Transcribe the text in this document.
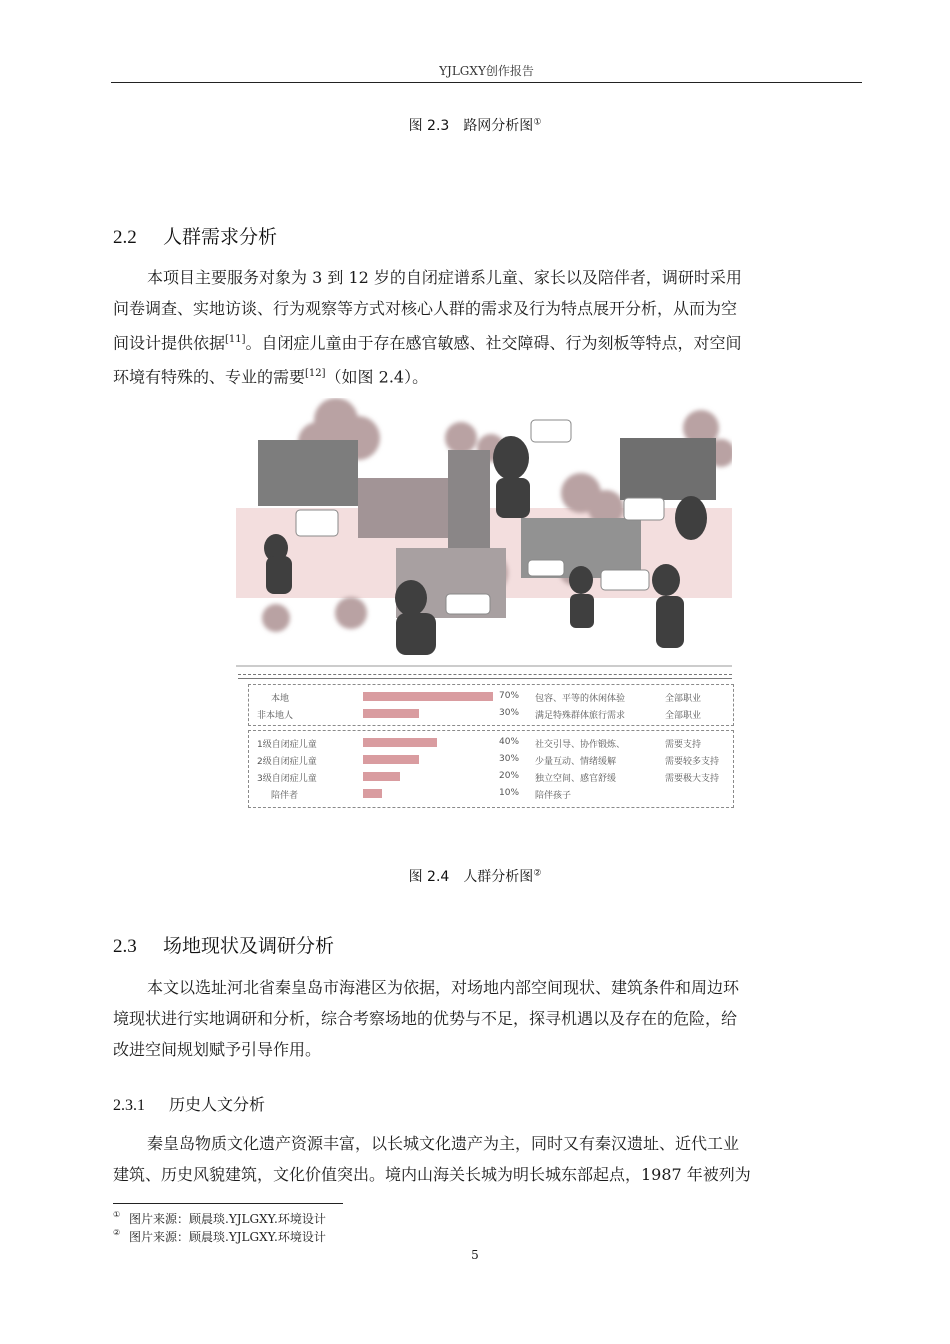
YJLGXY创作报告
图 2.3 路网分析图①
2.2 人群需求分析
本项目主要服务对象为 3 到 12 岁的自闭症谱系儿童、家长以及陪伴者，调研时采用
问卷调查、实地访谈、行为观察等方式对核心人群的需求及行为特点展开分析，从而为空
间设计提供依据[11]。自闭症儿童由于存在感官敏感、社交障碍、行为刻板等特点，对空间
环境有特殊的、专业的需要[12]（如图 2.4）。
本地	70% 包容、平等的休闲体验	全部职业
非本地人	30% 满足特殊群体旅行需求	全部职业
1级自闭症儿童	40% 社交引导、协作锻炼、	需要支持
2级自闭症儿童	30% 少量互动、情绪缓解	需要较多支持
3级自闭症儿童	20% 独立空间、感官舒缓	需要极大支持
陪伴者	10% 陪伴孩子
图 2.4 人群分析图②
2.3 场地现状及调研分析
本文以选址河北省秦皇岛市海港区为依据，对场地内部空间现状、建筑条件和周边环
境现状进行实地调研和分析，综合考察场地的优势与不足，探寻机遇以及存在的危险，给
改进空间规划赋予引导作用。
2.3.1 历史人文分析
秦皇岛物质文化遗产资源丰富，以长城文化遗产为主，同时又有秦汉遗址、近代工业
建筑、历史风貌建筑，文化价值突出。境内山海关长城为明长城东部起点，1987 年被列为
① 图片来源：顾晨琰.YJLGXY.环境设计
② 图片来源：顾晨琰.YJLGXY.环境设计
5
